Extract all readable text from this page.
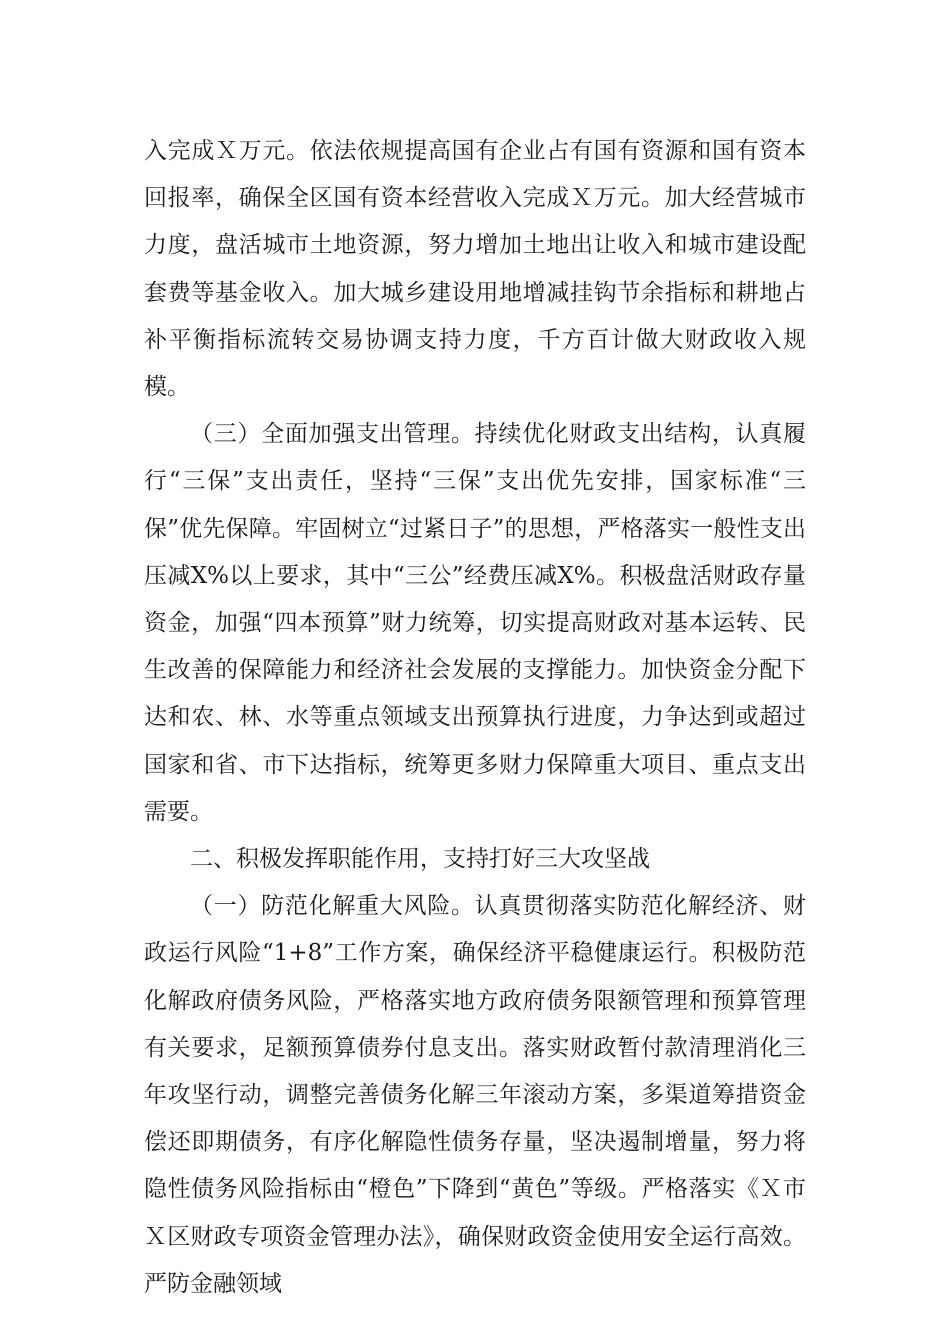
入完成Ｘ万元。依法依规提高国有企业占有国有资源和国有资本回报率，确保全区国有资本经营收入完成Ｘ万元。加大经营城市力度，盘活城市土地资源，努力增加土地出让收入和城市建设配套费等基金收入。加大城乡建设用地增减挂钩节余指标和耕地占补平衡指标流转交易协调支持力度，千方百计做大财政收入规模。

（三）全面加强支出管理。持续优化财政支出结构，认真履行“三保”支出责任，坚持“三保”支出优先安排，国家标准“三保”优先保障。牢固树立“过紧日子”的思想，严格落实一般性支出压减X%以上要求，其中“三公”经费压减X%。积极盘活财政存量资金，加强“四本预算”财力统筹，切实提高财政对基本运转、民生改善的保障能力和经济社会发展的支撑能力。加快资金分配下达和农、林、水等重点领域支出预算执行进度，力争达到或超过国家和省、市下达指标，统筹更多财力保障重大项目、重点支出需要。

二、积极发挥职能作用，支持打好三大攻坚战

（一）防范化解重大风险。认真贯彻落实防范化解经济、财政运行风险“1+8”工作方案，确保经济平稳健康运行。积极防范化解政府债务风险，严格落实地方政府债务限额管理和预算管理有关要求，足额预算债券付息支出。落实财政暂付款清理消化三年攻坚行动，调整完善债务化解三年滚动方案，多渠道筹措资金偿还即期债务，有序化解隐性债务存量，坚决遏制增量，努力将隐性债务风险指标由“橙色”下降到“黄色”等级。严格落实《Ｘ市Ｘ区财政专项资金管理办法》，确保财政资金使用安全运行高效。严防金融领域
